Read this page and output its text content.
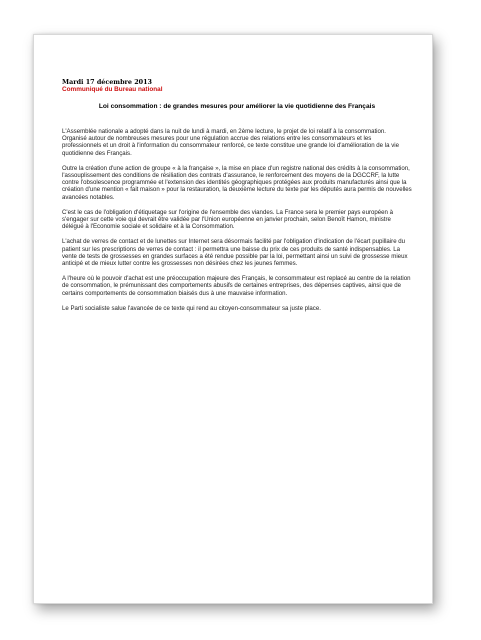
Mardi 17 décembre 2013
Communiqué du Bureau national
Loi consommation : de grandes mesures pour améliorer la vie quotidienne des Français

L'Assemblée nationale a adopté dans la nuit de lundi à mardi, en 2ème lecture, le projet de loi relatif à la consommation. Organisé autour de nombreuses mesures pour une régulation accrue des relations entre les consommateurs et les professionnels et un droit à l'information du consommateur renforcé, ce texte constitue une grande loi d'amélioration de la vie quotidienne des Français.

Outre la création d'une action de groupe « à la française », la mise en place d'un registre national des crédits à la consommation, l'assouplissement des conditions de résiliation des contrats d'assurance, le renforcement des moyens de la DGCCRF, la lutte contre l'obsolescence programmée et l'extension des identités géographiques protégées aux produits manufacturés ainsi que la création d'une mention « fait maison » pour la restauration, la deuxième lecture du texte par les députés aura permis de nouvelles avancées notables.

C'est le cas de l'obligation d'étiquetage sur l'origine de l'ensemble des viandes. La France sera le premier pays européen à s'engager sur cette voie qui devrait être validée par l'Union européenne en janvier prochain, selon Benoît Hamon, ministre délégué à l'Economie sociale et solidaire et à la Consommation.

L'achat de verres de contact et de lunettes sur Internet sera désormais facilité par l'obligation d'indication de l'écart pupillaire du patient sur les prescriptions de verres de contact : il permettra une baisse du prix de ces produits de santé indispensables. La vente de tests de grossesses en grandes surfaces a été rendue possible par la loi, permettant ainsi un suivi de grossesse mieux anticipé et de mieux lutter contre les grossesses non désirées chez les jeunes femmes.

A l'heure où le pouvoir d'achat est une préoccupation majeure des Français, le consommateur est replacé au centre de la relation de consommation, le prémunissant des comportements abusifs de certaines entreprises, des dépenses captives, ainsi que de certains comportements de consommation biaisés dus à une mauvaise information.

Le Parti socialiste salue l'avancée de ce texte qui rend au citoyen-consommateur sa juste place.
